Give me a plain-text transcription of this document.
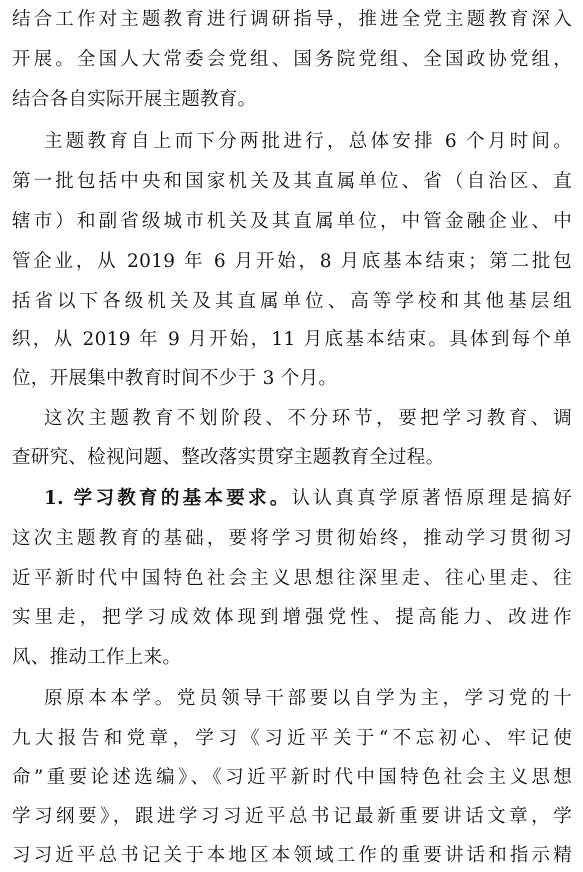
结合工作对主题教育进行调研指导，推进全党主题教育深入
开展。全国人大常委会党组、国务院党组、全国政协党组，
结合各自实际开展主题教育。
主题教育自上而下分两批进行，总体安排 6 个月时间。
第一批包括中央和国家机关及其直属单位、省（自治区、直
辖市）和副省级城市机关及其直属单位，中管金融企业、中
管企业，从 2019 年 6 月开始，8 月底基本结束；第二批包
括省以下各级机关及其直属单位、高等学校和其他基层组
织，从 2019 年 9 月开始，11 月底基本结束。具体到每个单
位，开展集中教育时间不少于 3 个月。
这次主题教育不划阶段、不分环节，要把学习教育、调
查研究、检视问题、整改落实贯穿主题教育全过程。
1. 学习教育的基本要求。认认真真学原著悟原理是搞好
这次主题教育的基础，要将学习贯彻始终，推动学习贯彻习
近平新时代中国特色社会主义思想往深里走、往心里走、往
实里走，把学习成效体现到增强党性、提高能力、改进作
风、推动工作上来。
原原本本学。党员领导干部要以自学为主，学习党的十
九大报告和党章，学习《习近平关于“不忘初心、牢记使
命”重要论述选编》、《习近平新时代中国特色社会主义思想
学习纲要》，跟进学习习近平总书记最新重要讲话文章，学
习习近平总书记关于本地区本领域工作的重要讲话和指示精
